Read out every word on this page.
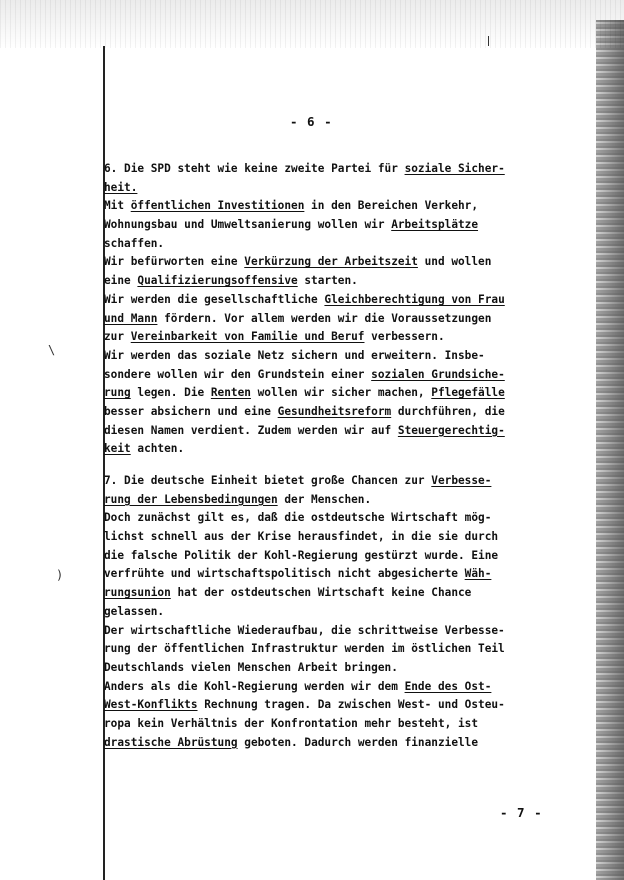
- 6 -
6. Die SPD steht wie keine zweite Partei für soziale Sicher-
heit.
Mit öffentlichen Investitionen in den Bereichen Verkehr,
Wohnungsbau und Umweltsanierung wollen wir Arbeitsplätze
schaffen.
Wir befürworten eine Verkürzung der Arbeitszeit und wollen
eine Qualifizierungsoffensive starten.
Wir werden die gesellschaftliche Gleichberechtigung von Frau
und Mann fördern. Vor allem werden wir die Voraussetzungen
zur Vereinbarkeit von Familie und Beruf verbessern.
Wir werden das soziale Netz sichern und erweitern. Insbe-
sondere wollen wir den Grundstein einer sozialen Grundsiche-
rung legen. Die Renten wollen wir sicher machen, Pflegefälle
besser absichern und eine Gesundheitsreform durchführen, die
diesen Namen verdient. Zudem werden wir auf Steuergerechtig-
keit achten.
7. Die deutsche Einheit bietet große Chancen zur Verbesse-
rung der Lebensbedingungen der Menschen.
Doch zunächst gilt es, daß die ostdeutsche Wirtschaft mög-
lichst schnell aus der Krise herausfindet, in die sie durch
die falsche Politik der Kohl-Regierung gestürzt wurde. Eine
verfrühte und wirtschaftspolitisch nicht abgesicherte Wäh-
rungsunion hat der ostdeutschen Wirtschaft keine Chance
gelassen.
Der wirtschaftliche Wiederaufbau, die schrittweise Verbesse-
rung der öffentlichen Infrastruktur werden im östlichen Teil
Deutschlands vielen Menschen Arbeit bringen.
Anders als die Kohl-Regierung werden wir dem Ende des Ost-
West-Konflikts Rechnung tragen. Da zwischen West- und Osteu-
ropa kein Verhältnis der Konfrontation mehr besteht, ist
drastische Abrüstung geboten. Dadurch werden finanzielle
- 7 -
\
)
